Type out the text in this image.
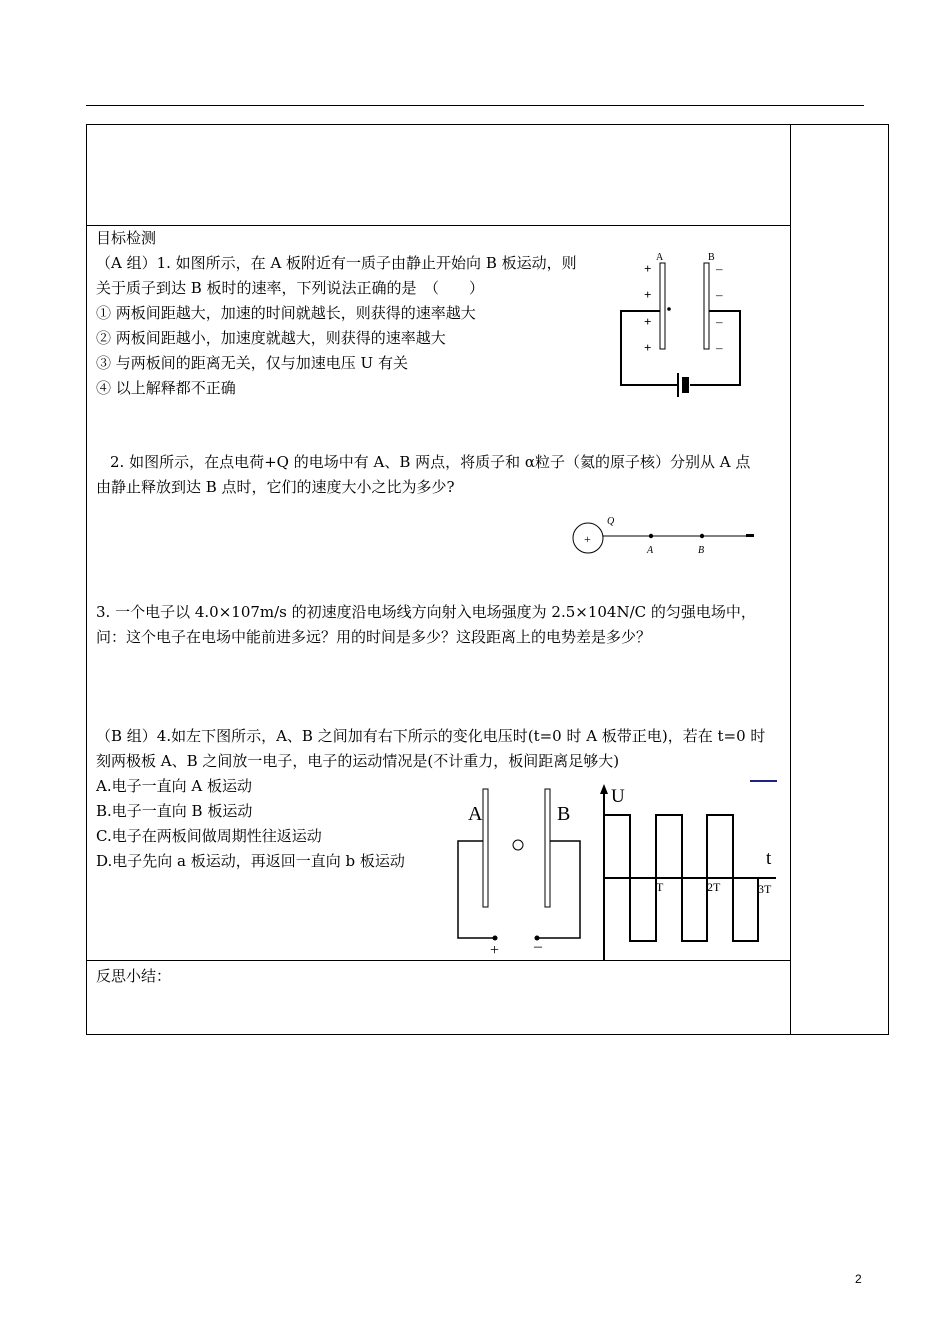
目标检测
（A 组）1. 如图所示，在 A 板附近有一质子由静止开始向 B 板运动，则
关于质子到达 B 板时的速率，下列说法正确的是　（　　）
① 两板间距越大，加速的时间就越长，则获得的速率越大
② 两板间距越小，加速度就越大，则获得的速率越大
③ 与两板间的距离无关，仅与加速电压 U 有关
④ 以上解释都不正确
A	B
+
+
+
+
–
–
–
–
2. 如图所示，在点电荷+Q 的电场中有 A、B 两点，将质子和 α粒子（氦的原子核）分别从 A 点
由静止释放到达 B 点时，它们的速度大小之比为多少?
+
Q
A	B
3. 一个电子以 4.0×107m/s 的初速度沿电场线方向射入电场强度为 2.5×104N/C 的匀强电场中，
问：这个电子在电场中能前进多远？用的时间是多少？这段距离上的电势差是多少？
（B 组）4.如左下图所示，A、B 之间加有右下所示的变化电压时(t=0 时 A 板带正电)，若在 t=0 时
刻两极板 A、B 之间放一电子，电子的运动情况是(不计重力，板间距离足够大)
A.电子一直向 A 板运动
B.电子一直向 B 板运动
C.电子在两板间做周期性往返运动
D.电子先向 a 板运动，再返回一直向 b 板运动
A	B
+ –
U
t
T	2T	3T
反思小结：
2
